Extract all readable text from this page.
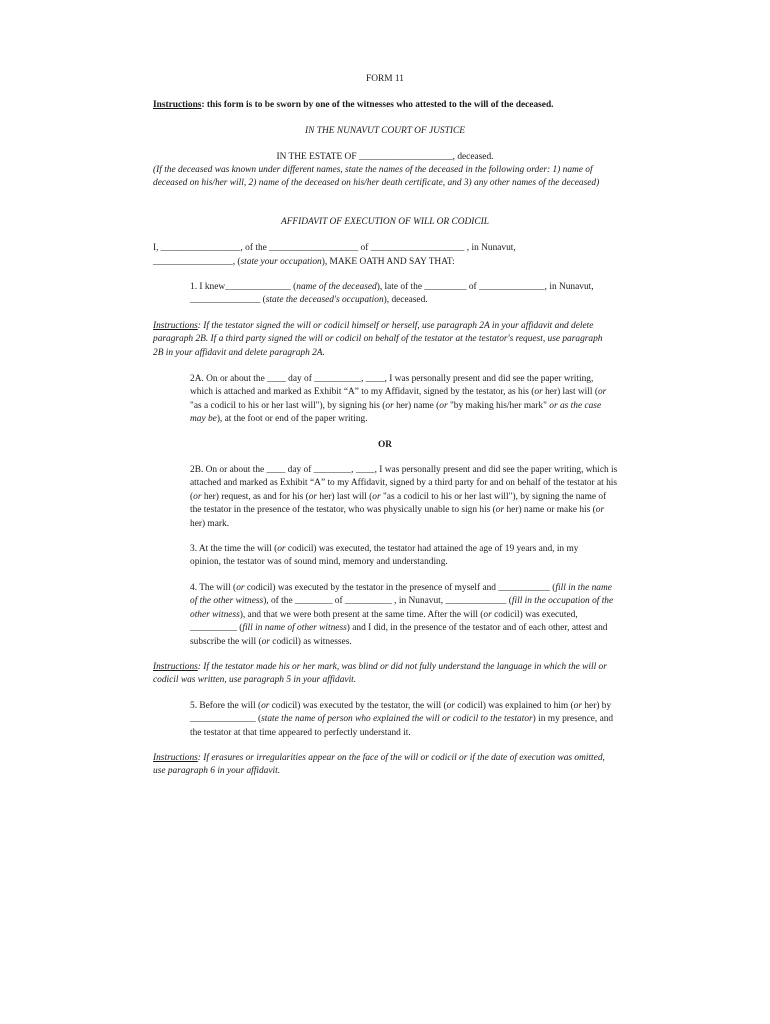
FORM 11

Instructions: this form is to be sworn by one of the witnesses who attested to the will of the deceased.

IN THE NUNAVUT COURT OF JUSTICE
IN THE ESTATE OF ____________________, deceased.

(If the deceased was known under different names, state the names of the deceased in the following order: 1) name of deceased on his/her will, 2) name of the deceased on his/her death certificate, and 3) any other names of the deceased)

AFFIDAVIT OF EXECUTION OF WILL OR CODICIL
I, _________________, of the ___________________ of ____________________ , in Nunavut,
_________________, (state your occupation), MAKE OATH AND SAY THAT:

1. I knew______________ (name of the deceased), late of the _________ of ______________, in Nunavut, _______________ (state the deceased's occupation), deceased.

Instructions: If the testator signed the will or codicil himself or herself, use paragraph 2A in your affidavit and delete paragraph 2B. If a third party signed the will or codicil on behalf of the testator at the testator's request, use paragraph 2B in your affidavit and delete paragraph 2A.

2A. On or about the ____ day of __________, ____, I was personally present and did see the paper writing, which is attached and marked as Exhibit “A” to my Affidavit, signed by the testator, as his (or her) last will (or "as a codicil to his or her last will"), by signing his (or her) name (or "by making his/her mark" or as the case may be), at the foot or end of the paper writing.

OR

2B. On or about the ____ day of ________, ____, I was personally present and did see the paper writing, which is attached and marked as Exhibit “A” to my Affidavit, signed by a third party for and on behalf of the testator at his (or her) request, as and for his (or her) last will (or "as a codicil to his or her last will"), by signing the name of the testator in the presence of the testator, who was physically unable to sign his (or her) name or make his (or her) mark.

3. At the time the will (or codicil) was executed, the testator had attained the age of 19 years and, in my opinion, the testator was of sound mind, memory and understanding.

4. The will (or codicil) was executed by the testator in the presence of myself and ___________ (fill in the name of the other witness), of the ________ of __________ , in Nunavut, _____________ (fill in the occupation of the other witness), and that we were both present at the same time. After the will (or codicil) was executed, __________ (fill in name of other witness) and I did, in the presence of the testator and of each other, attest and subscribe the will (or codicil) as witnesses.

Instructions: If the testator made his or her mark, was blind or did not fully understand the language in which the will or codicil was written, use paragraph 5 in your affidavit.

5. Before the will (or codicil) was executed by the testator, the will (or codicil) was explained to him (or her) by ______________ (state the name of person who explained the will or codicil to the testator) in my presence, and the testator at that time appeared to perfectly understand it.

Instructions: If erasures or irregularities appear on the face of the will or codicil or if the date of execution was omitted, use paragraph 6 in your affidavit.
